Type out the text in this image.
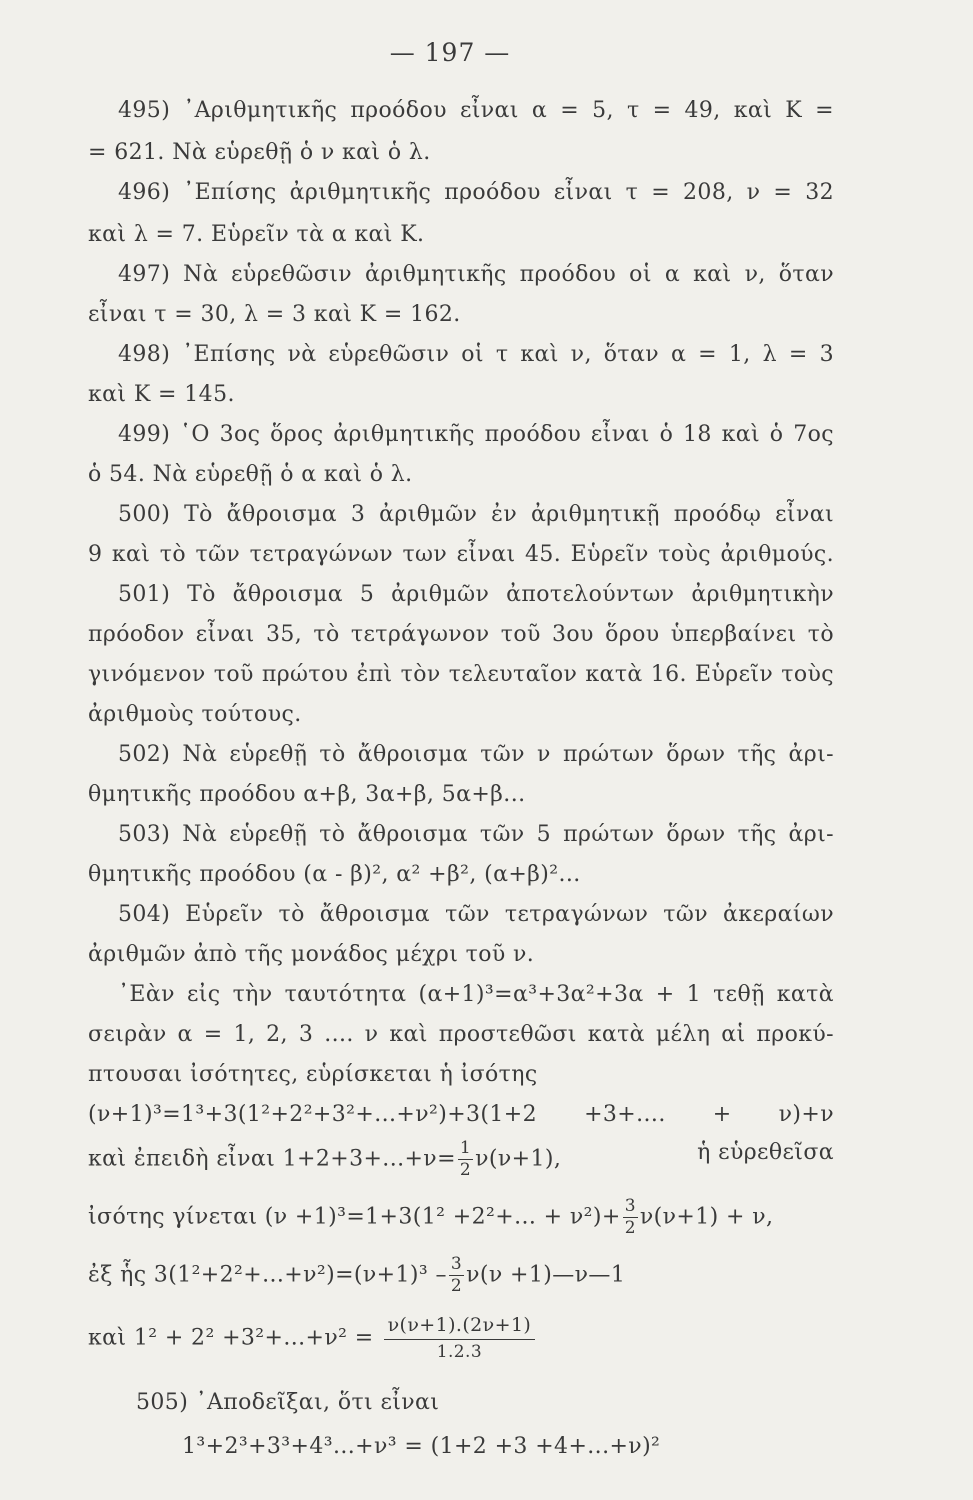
— 197 —
495) ᾿Αριθμητικῆς προόδου εἶναι α = 5, τ = 49, καὶ Κ =
= 621. Νὰ εὑρεθῇ ὁ ν καὶ ὁ λ.
496) ᾿Επίσης ἀριθμητικῆς προόδου εἶναι τ = 208, ν = 32
καὶ λ = 7. Εὑρεῖν τὰ α καὶ Κ.
497) Νὰ εὑρεθῶσιν ἀριθμητικῆς προόδου οἱ α καὶ ν, ὅταν
εἶναι τ = 30, λ = 3 καὶ Κ = 162.
498) ᾿Επίσης νὰ εὑρεθῶσιν οἱ τ καὶ ν, ὅταν α = 1, λ = 3
καὶ Κ = 145.
499) ῾Ο 3ος ὅρος ἀριθμητικῆς προόδου εἶναι ὁ 18 καὶ ὁ 7ος
ὁ 54. Νὰ εὑρεθῇ ὁ α καὶ ὁ λ.
500) Τὸ ἄθροισμα 3 ἀριθμῶν ἐν ἀριθμητικῇ προόδῳ εἶναι
9 καὶ τὸ τῶν τετραγώνων των εἶναι 45. Εὑρεῖν τοὺς ἀριθμούς.
501) Τὸ ἄθροισμα 5 ἀριθμῶν ἀποτελούντων ἀριθμητικὴν
πρόοδον εἶναι 35, τὸ τετράγωνον τοῦ 3ου ὅρου ὑπερβαίνει τὸ
γινόμενον τοῦ πρώτου ἐπὶ τὸν τελευταῖον κατὰ 16. Εὑρεῖν τοὺς
ἀριθμοὺς τούτους.
502) Νὰ εὑρεθῇ τὸ ἄθροισμα τῶν ν πρώτων ὅρων τῆς ἀρι-
θμητικῆς προόδου α+β, 3α+β, 5α+β...
503) Νὰ εὑρεθῇ τὸ ἄθροισμα τῶν 5 πρώτων ὅρων τῆς ἀρι-
θμητικῆς προόδου (α - β)², α² +β², (α+β)²...
504) Εὑρεῖν τὸ ἄθροισμα τῶν τετραγώνων τῶν ἀκεραίων
ἀριθμῶν ἀπὸ τῆς μονάδος μέχρι τοῦ ν.
᾿Εὰν εἰς τὴν ταυτότητα (α+1)³=α³+3α²+3α + 1 τεθῇ κατὰ
σειρὰν α = 1, 2, 3 .... ν καὶ προστεθῶσι κατὰ μέλη αἱ προκύ-
πτουσαι ἰσότητες, εὑρίσκεται ἡ ἰσότης
(ν+1)³=1³+3(1²+2²+3²+...+ν²)+3(1+2 +3+.... + ν)+ν
καὶ ἐπειδὴ εἶναι $1+2+3+...+\nu= \frac{1}{2} \nu(\nu+1)$,	ἡ εὑρεθεῖσα
ἰσότης γίνεται (ν +1)³=1+3(1² +2²+... + $\nu^2)+ \frac{3}{2} \nu(\nu+1) + \nu$,
ἐξ ἧς $3(1^2+2^2+...+\nu^2)=(\nu+1)^3 - \frac{3}{2} \nu(\nu$ +1)—ν—1
καὶ $1^2 + 2^2 +3^2+...+\nu^2 = \frac{\nu(\nu+1).(2\nu+1)}{1.2.3}$
505) ᾿Αποδεῖξαι, ὅτι εἶναι
1³+2³+3³+4³...+ν³ = (1+2 +3 +4+...+ν)²
